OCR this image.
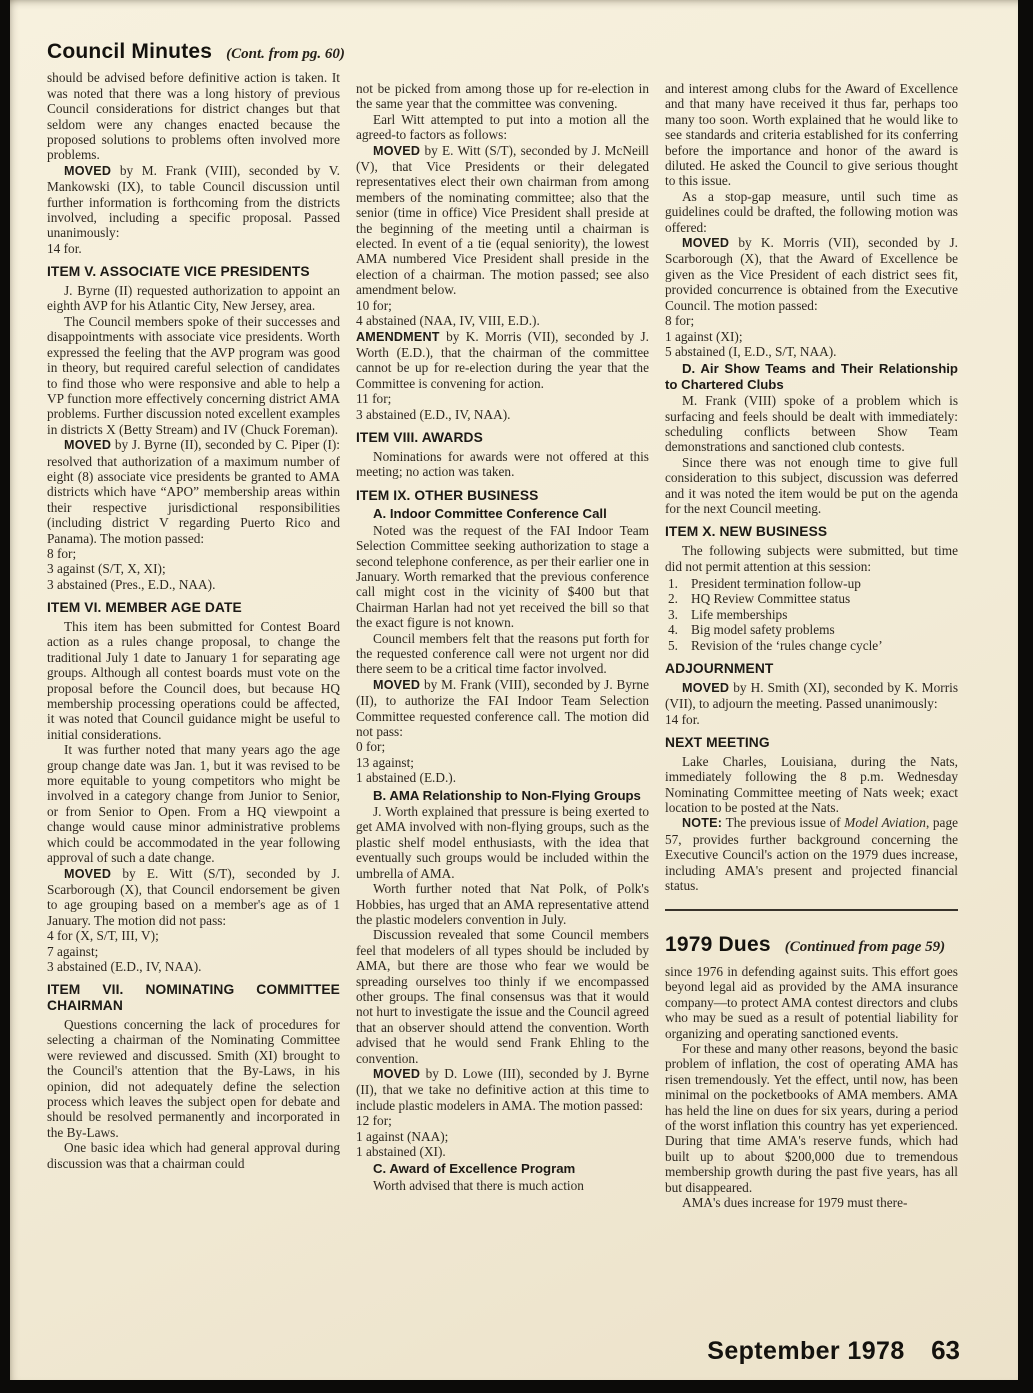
Council Minutes (Cont. from pg. 60)
should be advised before definitive action is taken. It was noted that there was a long history of previous Council considerations for district changes but that seldom were any changes enacted because the proposed solutions to problems often involved more problems.
MOVED by M. Frank (VIII), seconded by V. Mankowski (IX), to table Council discussion until further information is forthcoming from the districts involved, including a specific proposal. Passed unanimously:
14 for.
ITEM V. ASSOCIATE VICE PRESIDENTS
J. Byrne (II) requested authorization to appoint an eighth AVP for his Atlantic City, New Jersey, area.
The Council members spoke of their successes and disappointments with associate vice presidents. Worth expressed the feeling that the AVP program was good in theory, but required careful selection of candidates to find those who were responsive and able to help a VP function more effectively concerning district AMA problems. Further discussion noted excellent examples in districts X (Betty Stream) and IV (Chuck Foreman).
MOVED by J. Byrne (II), seconded by C. Piper (I): resolved that authorization of a maximum number of eight (8) associate vice presidents be granted to AMA districts which have “APO” membership areas within their respective jurisdictional responsibilities (including district V regarding Puerto Rico and Panama). The motion passed:
8 for;
3 against (S/T, X, XI);
3 abstained (Pres., E.D., NAA).
ITEM VI. MEMBER AGE DATE
This item has been submitted for Contest Board action as a rules change proposal, to change the traditional July 1 date to January 1 for separating age groups. Although all contest boards must vote on the proposal before the Council does, but because HQ membership processing operations could be affected, it was noted that Council guidance might be useful to initial considerations.
It was further noted that many years ago the age group change date was Jan. 1, but it was revised to be more equitable to young competitors who might be involved in a category change from Junior to Senior, or from Senior to Open. From a HQ viewpoint a change would cause minor administrative problems which could be accommodated in the year following approval of such a date change.
MOVED by E. Witt (S/T), seconded by J. Scarborough (X), that Council endorsement be given to age grouping based on a member's age as of 1 January. The motion did not pass:
4 for (X, S/T, III, V);
7 against;
3 abstained (E.D., IV, NAA).
ITEM VII. NOMINATING COMMITTEE CHAIRMAN
Questions concerning the lack of procedures for selecting a chairman of the Nominating Committee were reviewed and discussed. Smith (XI) brought to the Council's attention that the By-Laws, in his opinion, did not adequately define the selection process which leaves the subject open for debate and should be resolved permanently and incorporated in the By-Laws.
One basic idea which had general approval during discussion was that a chairman could
not be picked from among those up for re-election in the same year that the committee was convening.
Earl Witt attempted to put into a motion all the agreed-to factors as follows:
MOVED by E. Witt (S/T), seconded by J. McNeill (V), that Vice Presidents or their delegated representatives elect their own chairman from among members of the nominating committee; also that the senior (time in office) Vice President shall preside at the beginning of the meeting until a chairman is elected. In event of a tie (equal seniority), the lowest AMA numbered Vice President shall preside in the election of a chairman. The motion passed; see also amendment below.
10 for;
4 abstained (NAA, IV, VIII, E.D.).
AMENDMENT by K. Morris (VII), seconded by J. Worth (E.D.), that the chairman of the committee cannot be up for re-election during the year that the Committee is convening for action.
11 for;
3 abstained (E.D., IV, NAA).
ITEM VIII. AWARDS
Nominations for awards were not offered at this meeting; no action was taken.
ITEM IX. OTHER BUSINESS
A. Indoor Committee Conference Call
Noted was the request of the FAI Indoor Team Selection Committee seeking authorization to stage a second telephone conference, as per their earlier one in January. Worth remarked that the previous conference call might cost in the vicinity of $400 but that Chairman Harlan had not yet received the bill so that the exact figure is not known.
Council members felt that the reasons put forth for the requested conference call were not urgent nor did there seem to be a critical time factor involved.
MOVED by M. Frank (VIII), seconded by J. Byrne (II), to authorize the FAI Indoor Team Selection Committee requested conference call. The motion did not pass:
0 for;
13 against;
1 abstained (E.D.).
B. AMA Relationship to Non-Flying Groups
J. Worth explained that pressure is being exerted to get AMA involved with non-flying groups, such as the plastic shelf model enthusiasts, with the idea that eventually such groups would be included within the umbrella of AMA.
Worth further noted that Nat Polk, of Polk's Hobbies, has urged that an AMA representative attend the plastic modelers convention in July.
Discussion revealed that some Council members feel that modelers of all types should be included by AMA, but there are those who fear we would be spreading ourselves too thinly if we encompassed other groups. The final consensus was that it would not hurt to investigate the issue and the Council agreed that an observer should attend the convention. Worth advised that he would send Frank Ehling to the convention.
MOVED by D. Lowe (III), seconded by J. Byrne (II), that we take no definitive action at this time to include plastic modelers in AMA. The motion passed:
12 for;
1 against (NAA);
1 abstained (XI).
C. Award of Excellence Program
Worth advised that there is much action
and interest among clubs for the Award of Excellence and that many have received it thus far, perhaps too many too soon. Worth explained that he would like to see standards and criteria established for its conferring before the importance and honor of the award is diluted. He asked the Council to give serious thought to this issue.
As a stop-gap measure, until such time as guidelines could be drafted, the following motion was offered:
MOVED by K. Morris (VII), seconded by J. Scarborough (X), that the Award of Excellence be given as the Vice President of each district sees fit, provided concurrence is obtained from the Executive Council. The motion passed:
8 for;
1 against (XI);
5 abstained (I, E.D., S/T, NAA).
D. Air Show Teams and Their Relationship to Chartered Clubs
M. Frank (VIII) spoke of a problem which is surfacing and feels should be dealt with immediately: scheduling conflicts between Show Team demonstrations and sanctioned club contests.
Since there was not enough time to give full consideration to this subject, discussion was deferred and it was noted the item would be put on the agenda for the next Council meeting.
ITEM X. NEW BUSINESS
The following subjects were submitted, but time did not permit attention at this session:
1. President termination follow-up
2. HQ Review Committee status
3. Life memberships
4. Big model safety problems
5. Revision of the ‘rules change cycle’
ADJOURNMENT
MOVED by H. Smith (XI), seconded by K. Morris (VII), to adjourn the meeting. Passed unanimously:
14 for.
NEXT MEETING
Lake Charles, Louisiana, during the Nats, immediately following the 8 p.m. Wednesday Nominating Committee meeting of Nats week; exact location to be posted at the Nats.
NOTE: The previous issue of Model Aviation, page 57, provides further background concerning the Executive Council's action on the 1979 dues increase, including AMA's present and projected financial status.
1979 Dues (Continued from page 59)
since 1976 in defending against suits. This effort goes beyond legal aid as provided by the AMA insurance company—to protect AMA contest directors and clubs who may be sued as a result of potential liability for organizing and operating sanctioned events.
For these and many other reasons, beyond the basic problem of inflation, the cost of operating AMA has risen tremendously. Yet the effect, until now, has been minimal on the pocketbooks of AMA members. AMA has held the line on dues for six years, during a period of the worst inflation this country has yet experienced. During that time AMA's reserve funds, which had built up to about $200,000 due to tremendous membership growth during the past five years, has all but disappeared.
AMA's dues increase for 1979 must there-
September 1978 63
